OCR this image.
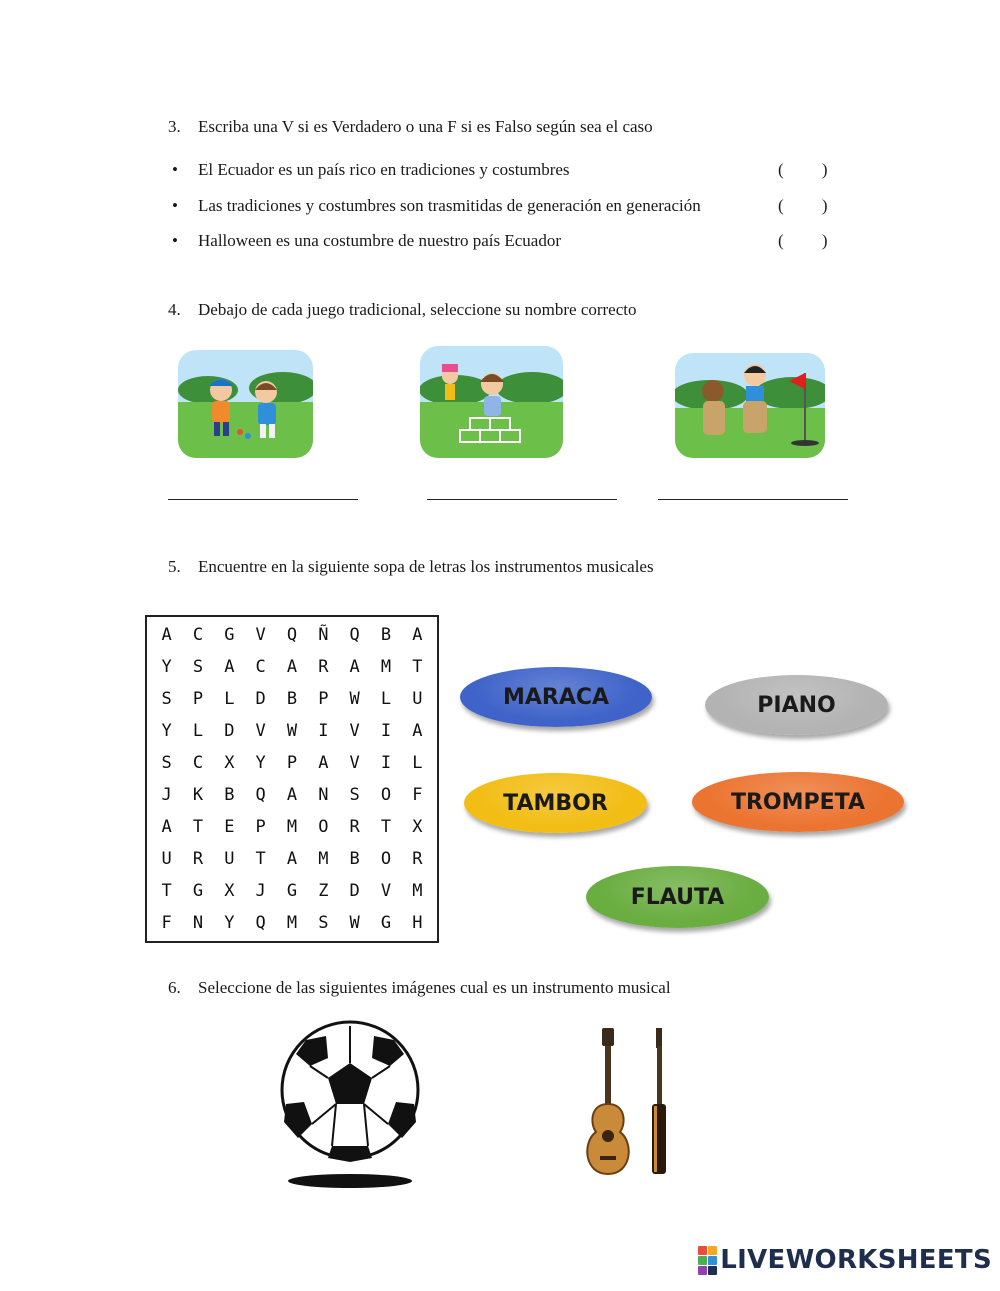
3. Escriba una V si es Verdadero o una F si es Falso según sea el caso
• El Ecuador es un país rico en tradiciones y costumbres	(         )
• Las tradiciones y costumbres son trasmitidas de generación en generación	(         )
• Halloween es una costumbre de nuestro país Ecuador	(         )
4. Debajo de cada juego tradicional, seleccione su nombre correcto
5. Encuentre en la siguiente sopa de letras los instrumentos musicales
A	C	G	V	Q	Ñ	Q	B	A
Y	S	A	C	A	R	A	M	T
S	P	L	D	B	P	W	L	U
Y	L	D	V	W	I	V	I	A
S	C	X	Y	P	A	V	I	L
J	K	B	Q	A	N	S	O	F
A	T	E	P	M	O	R	T	X
U	R	U	T	A	M	B	O	R
T	G	X	J	G	Z	D	V	M
F	N	Y	Q	M	S	W	G	H
MARACA	PIANO
TAMBOR	TROMPETA
FLAUTA
6. Seleccione de las siguientes imágenes cual es un instrumento musical
LIVEWORKSHEETS
